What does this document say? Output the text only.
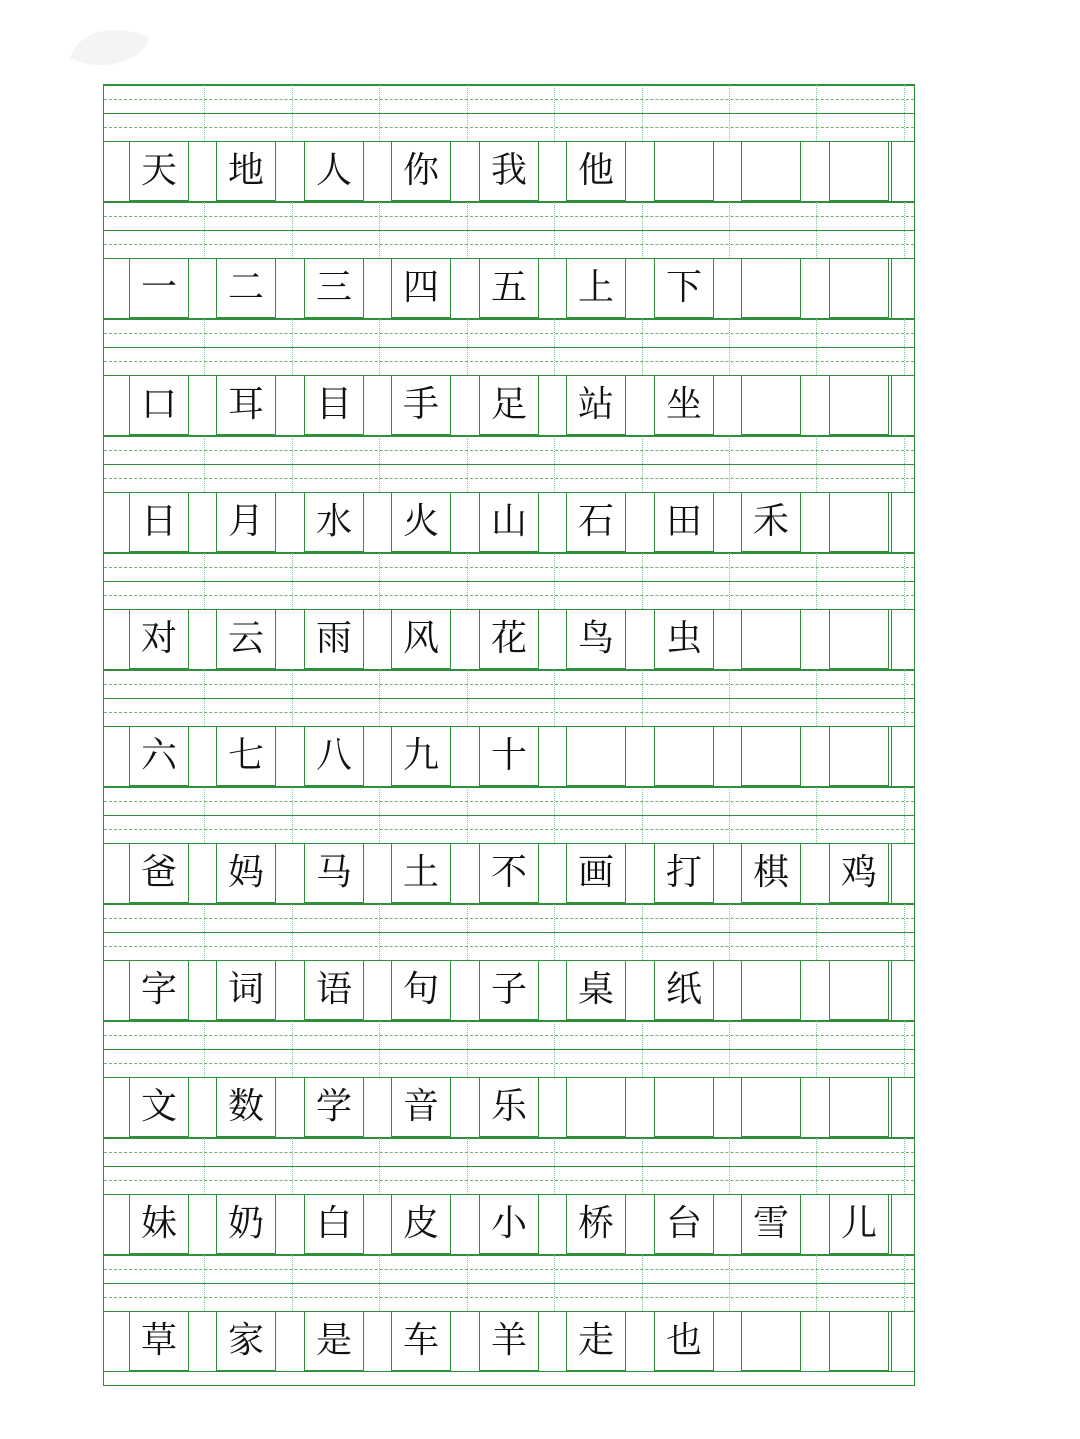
天	地	人	你	我	他
一	二	三	四	五	上	下
口	耳	目	手	足	站	坐
日	月	水	火	山	石	田	禾
对	云	雨	风	花	鸟	虫
六	七	八	九	十
爸	妈	马	土	不	画	打	棋	鸡
字	词	语	句	子	桌	纸
文	数	学	音	乐
妹	奶	白	皮	小	桥	台	雪	儿
草	家	是	车	羊	走	也
